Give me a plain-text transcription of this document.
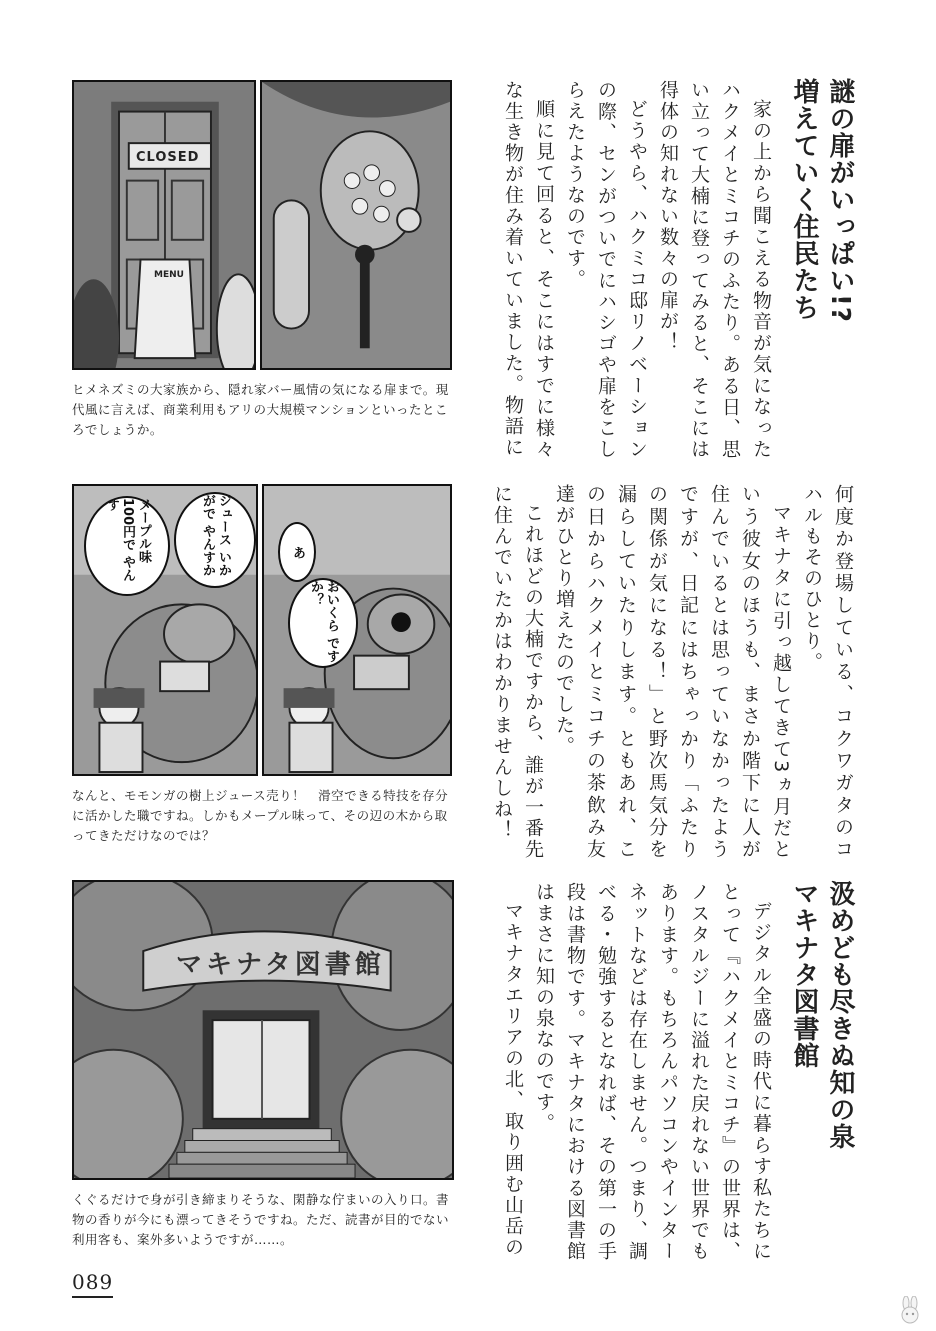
CLOSED
MENU
ヒメネズミの大家族から、隠れ家バー風情の気になる扉まで。現代風に言えば、商業利用もアリの大規模マンションといったところでしょうか。
メープル味 100円で やんす	ジュース いかがで やんすか	あ
おいくら ですか？
なんと、モモンガの樹上ジュース売り！　滑空できる特技を存分に活かした職ですね。しかもメープル味って、その辺の木から取ってきただけなのでは？
マキナタ図書館
くぐるだけで身が引き締まりそうな、閑静な佇まいの入り口。書物の香りが今にも漂ってきそうですね。ただ、読書が目的でない利用客も、案外多いようですが……。
謎の扉がいっぱい!?
増えていく住民たち

家の上から聞こえる物音が気になったハクメイとミコチのふたり。ある日、思い立って大楠に登ってみると、そこには得体の知れない数々の扉が！

どうやら、ハクミコ邸リノベーションの際、センがついでにハシゴや扉をこしらえたようなのです。

順に見て回ると、そこにはすでに様々な生き物が住み着いていました。物語に

何度か登場している、コクワガタのコハルもそのひとり。

マキナタに引っ越してきて3ヵ月だという彼女のほうも、まさか階下に人が住んでいるとは思っていなかったようですが、日記にはちゃっかり「ふたりの関係が気になる！」と野次馬気分を漏らしていたりします。ともあれ、この日からハクメイとミコチの茶飲み友達がひとり増えたのでした。

これほどの大楠ですから、誰が一番先に住んでいたかはわかりませんしね！

汲めども尽きぬ知の泉
マキナタ図書館

デジタル全盛の時代に暮らす私たちにとって『ハクメイとミコチ』の世界は、ノスタルジーに溢れた戻れない世界でもあります。もちろんパソコンやインターネットなどは存在しません。つまり、調べる・勉強するとなれば、その第一の手段は書物です。マキナタにおける図書館はまさに知の泉なのです。

マキナタエリアの北、取り囲む山岳の

089
